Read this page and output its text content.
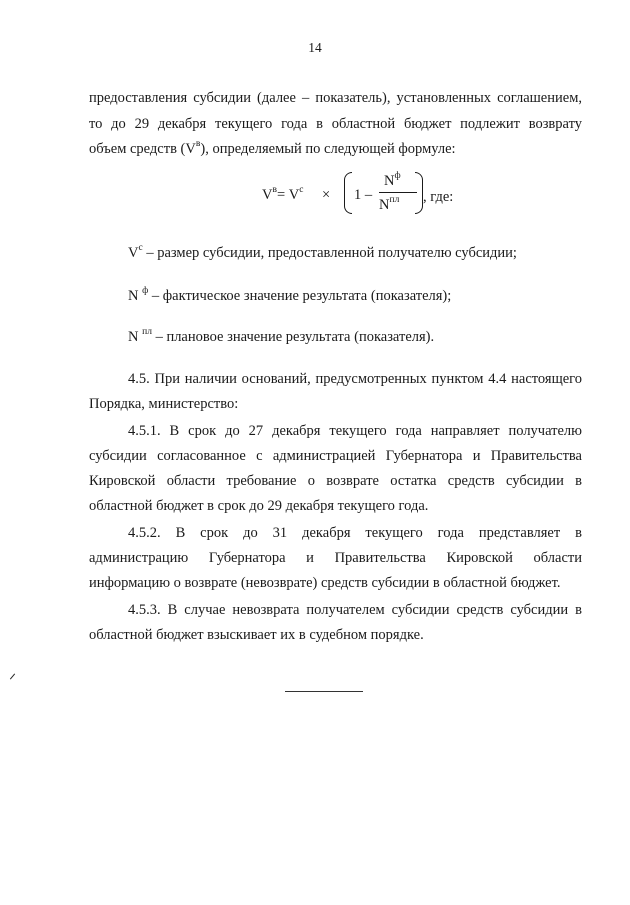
14
предоставления субсидии (далее – показатель), установленных соглашением,
то до 29 декабря текущего года в областной бюджет подлежит возврату
объем средств $(V^в)$, определяемый по следующей формуле:
$V^в= V^с \times 1$ –
$N^ф$
$N^{пл}$ , где:
$V^с$ – размер субсидии, предоставленной получателю субсидии;
N $^ф$ – фактическое значение результата (показателя);
N $^{пл}$ – плановое значение результата (показателя).
4.5. При наличии оснований, предусмотренных пунктом 4.4 настоящего
Порядка, министерство:
4.5.1. В срок до 27 декабря текущего года направляет получателю
субсидии согласованное с администрацией Губернатора и Правительства
Кировской области требование о возврате остатка средств субсидии в
областной бюджет в срок до 29 декабря текущего года.
4.5.2. В срок до 31 декабря текущего года представляет в
администрацию Губернатора и Правительства Кировской области
информацию о возврате (невозврате) средств субсидии в областной бюджет.
4.5.3. В случае невозврата получателем субсидии средств субсидии в
областной бюджет взыскивает их в судебном порядке.
